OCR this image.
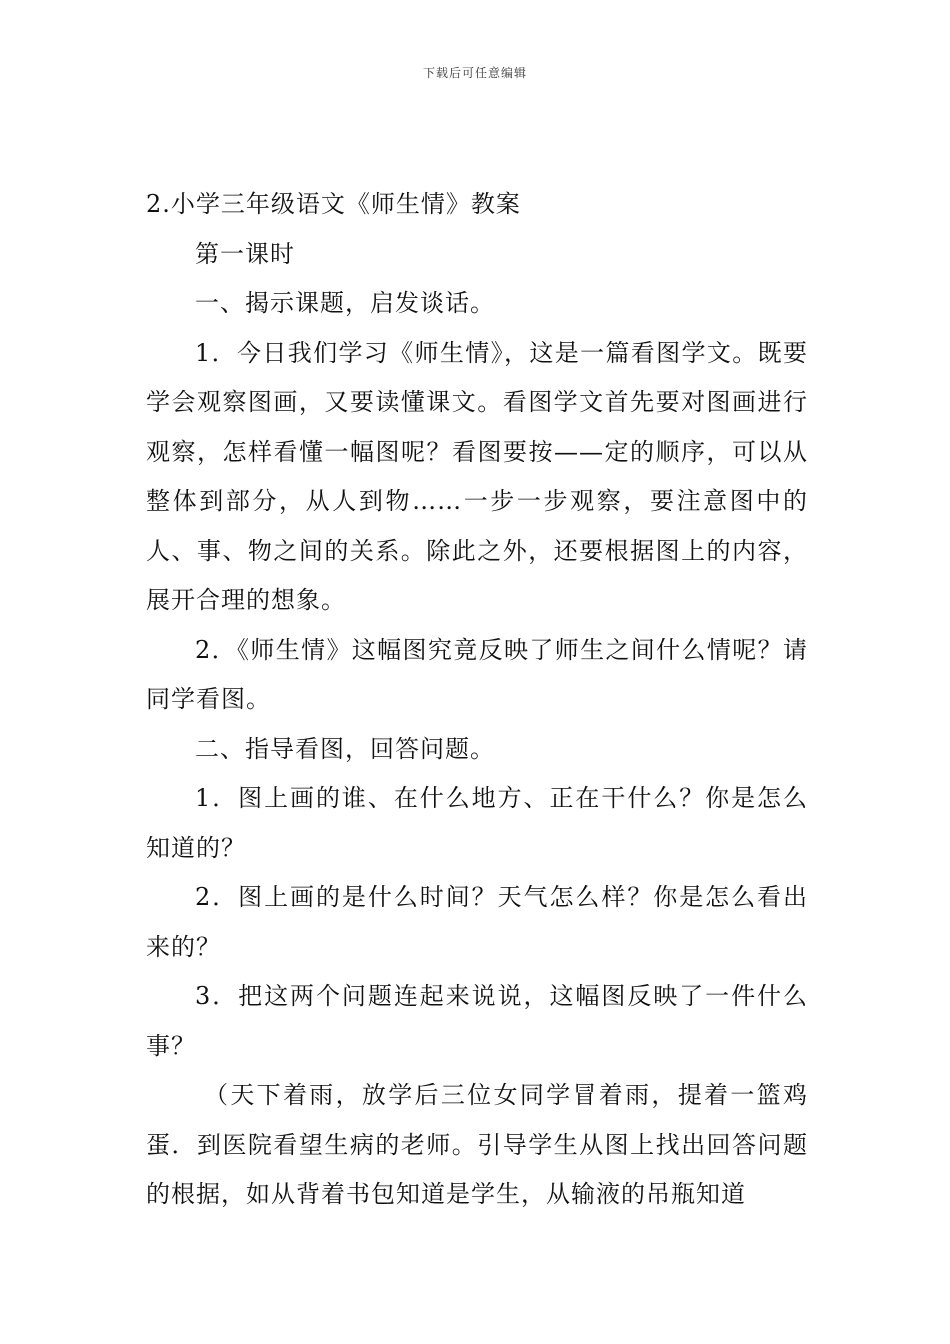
下载后可任意编辑

2.小学三年级语文《师生情》教案

第一课时

一、揭示课题，启发谈话。

1．今日我们学习《师生情》，这是一篇看图学文。既要学会观察图画，又要读懂课文。看图学文首先要对图画进行观察，怎样看懂一幅图呢？看图要按——定的顺序，可以从整体到部分，从人到物……一步一步观察，要注意图中的人、事、物之间的关系。除此之外，还要根据图上的内容，展开合理的想象。

2．《师生情》这幅图究竟反映了师生之间什么情呢？请同学看图。

二、指导看图，回答问题。

1．图上画的谁、在什么地方、正在干什么？你是怎么知道的？

2．图上画的是什么时间？天气怎么样？你是怎么看出来的？

3．把这两个问题连起来说说，这幅图反映了一件什么事？

（天下着雨，放学后三位女同学冒着雨，提着一篮鸡蛋．到医院看望生病的老师。引导学生从图上找出回答问题的根据，如从背着书包知道是学生，从输液的吊瓶知道
